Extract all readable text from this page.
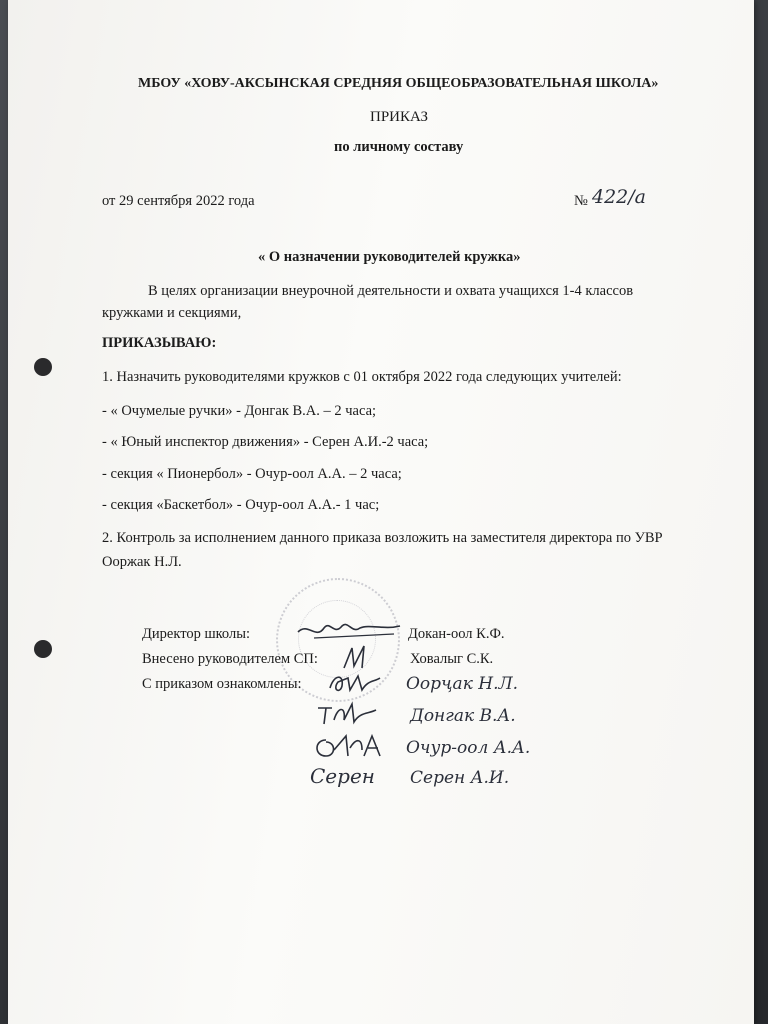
МБОУ «ХОВУ-АКСЫНСКАЯ СРЕДНЯЯ ОБЩЕОБРАЗОВАТЕЛЬНАЯ ШКОЛА»
ПРИКАЗ
по личному составу
от 29 сентября 2022 года	№ 422/a
« О назначении руководителей кружка»
В целях организации внеурочной деятельности и охвата учащихся 1-4 классов
кружками и секциями,
ПРИКАЗЫВАЮ:
1. Назначить руководителями кружков с 01 октября 2022 года следующих учителей:
- « Очумелые ручки» - Донгак В.А. – 2 часа;
- « Юный инспектор движения» - Серен А.И.-2 часа;
- секция « Пионербол» - Очур-оол А.А. – 2 часа;
- секция «Баскетбол» - Очур-оол А.А.- 1 час;
2. Контроль за исполнением данного приказа возложить на заместителя директора по УВР
Ооржак Н.Л.
Директор школы:	Докан-оол К.Ф.
Внесено руководителем СП:	Ховалыг С.К.
С приказом ознакомлены:
Серен
Оорҷак Н.Л.
Донгак В.А.
Очур-оол А.А.
Серен А.И.
